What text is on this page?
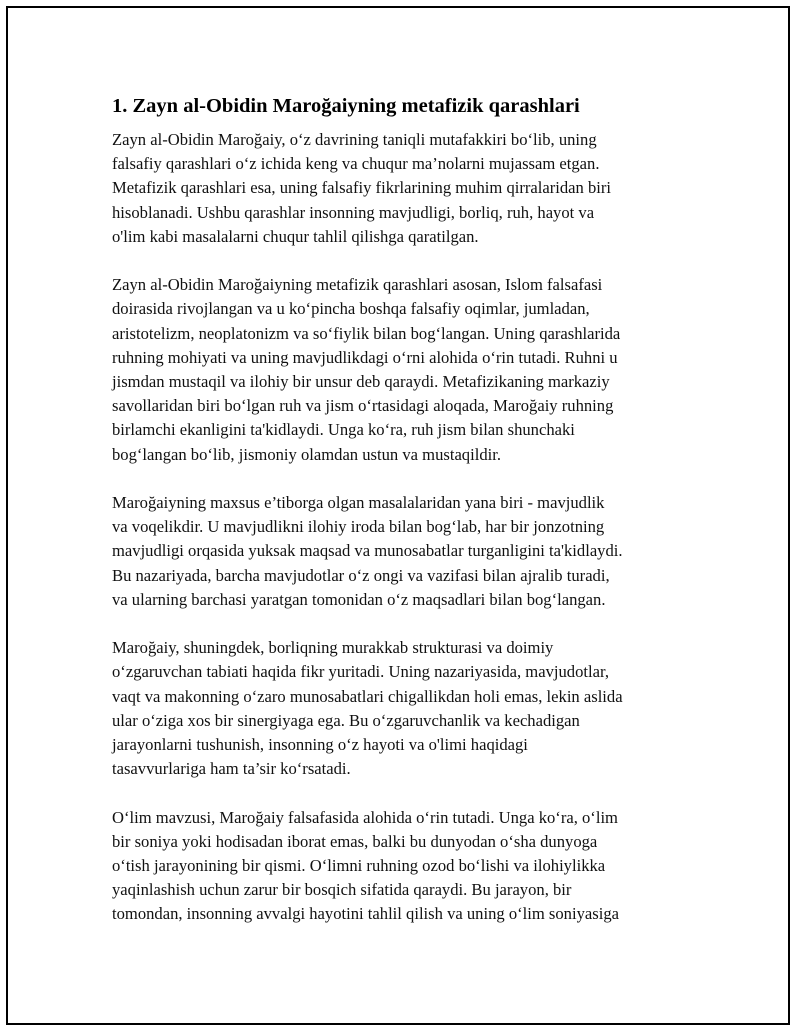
1. Zayn al-Obidin Maroğaiyning metafizik qarashlari

Zayn al-Obidin Maroğaiy, o‘z davrining taniqli mutafakkiri bo‘lib, uning
falsafiy qarashlari o‘z ichida keng va chuqur ma’nolarni mujassam etgan.
Metafizik qarashlari esa, uning falsafiy fikrlarining muhim qirralaridan biri
hisoblanadi. Ushbu qarashlar insonning mavjudligi, borliq, ruh, hayot va
o'lim kabi masalalarni chuqur tahlil qilishga qaratilgan.

Zayn al-Obidin Maroğaiyning metafizik qarashlari asosan, Islom falsafasi
doirasida rivojlangan va u ko‘pincha boshqa falsafiy oqimlar, jumladan,
aristotelizm, neoplatonizm va so‘fiylik bilan bog‘langan. Uning qarashlarida
ruhning mohiyati va uning mavjudlikdagi o‘rni alohida o‘rin tutadi. Ruhni u
jismdan mustaqil va ilohiy bir unsur deb qaraydi. Metafizikaning markaziy
savollaridan biri bo‘lgan ruh va jism o‘rtasidagi aloqada, Maroğaiy ruhning
birlamchi ekanligini ta'kidlaydi. Unga ko‘ra, ruh jism bilan shunchaki
bog‘langan bo‘lib, jismoniy olamdan ustun va mustaqildir.

Maroğaiyning maxsus e’tiborga olgan masalalaridan yana biri - mavjudlik
va voqelikdir. U mavjudlikni ilohiy iroda bilan bog‘lab, har bir jonzotning
mavjudligi orqasida yuksak maqsad va munosabatlar turganligini ta'kidlaydi.
Bu nazariyada, barcha mavjudotlar o‘z ongi va vazifasi bilan ajralib turadi,
va ularning barchasi yaratgan tomonidan o‘z maqsadlari bilan bog‘langan.

Maroğaiy, shuningdek, borliqning murakkab strukturasi va doimiy
o‘zgaruvchan tabiati haqida fikr yuritadi. Uning nazariyasida, mavjudotlar,
vaqt va makonning o‘zaro munosabatlari chigallikdan holi emas, lekin aslida
ular o‘ziga xos bir sinergiyaga ega. Bu o‘zgaruvchanlik va kechadigan
jarayonlarni tushunish, insonning o‘z hayoti va o'limi haqidagi
tasavvurlariga ham ta’sir ko‘rsatadi.

O‘lim mavzusi, Maroğaiy falsafasida alohida o‘rin tutadi. Unga ko‘ra, o‘lim
bir soniya yoki hodisadan iborat emas, balki bu dunyodan o‘sha dunyoga
o‘tish jarayonining bir qismi. O‘limni ruhning ozod bo‘lishi va ilohiylikka
yaqinlashish uchun zarur bir bosqich sifatida qaraydi. Bu jarayon, bir
tomondan, insonning avvalgi hayotini tahlil qilish va uning o‘lim soniyasiga
